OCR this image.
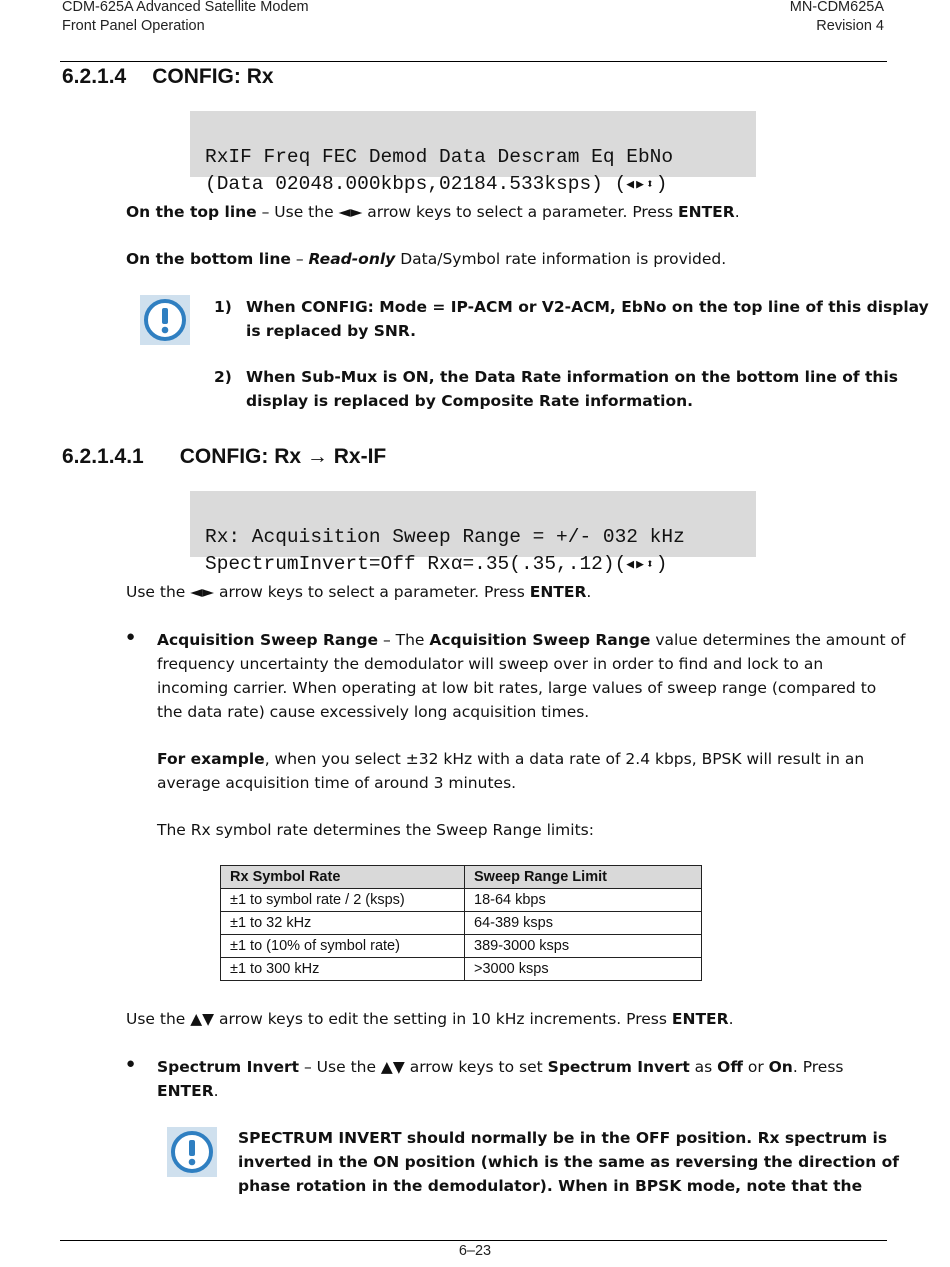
CDM-625A Advanced Satellite Modem
Front Panel Operation
MN-CDM625A
Revision 4
6.2.1.4 CONFIG: Rx

RxIF Freq FEC Demod Data Descram Eq EbNo
(Data 02048.000kbps,02184.533ksps) (◀▶⬍)

On the top line – Use the ◄► arrow keys to select a parameter. Press ENTER.
On the bottom line – Read-only Data/Symbol rate information is provided.
1) When CONFIG: Mode = IP-ACM or V2-ACM, EbNo on the top line of this display
is replaced by SNR.
2) When Sub-Mux is ON, the Data Rate information on the bottom line of this
display is replaced by Composite Rate information.
6.2.1.4.1 CONFIG: Rx → Rx-IF

Rx: Acquisition Sweep Range = +/- 032 kHz
SpectrumInvert=Off Rxα=.35(.35,.12)(◀▶⬍)

Use the ◄► arrow keys to select a parameter. Press ENTER.
● Acquisition Sweep Range – The Acquisition Sweep Range value determines the amount of
frequency uncertainty the demodulator will sweep over in order to find and lock to an
incoming carrier. When operating at low bit rates, large values of sweep range (compared to
the data rate) cause excessively long acquisition times.
For example, when you select ±32 kHz with a data rate of 2.4 kbps, BPSK will result in an
average acquisition time of around 3 minutes.
The Rx symbol rate determines the Sweep Range limits:
Rx Symbol Rate	Sweep Range Limit
±1 to symbol rate / 2 (ksps)	18-64 kbps
±1 to 32 kHz	64-389 ksps
±1 to (10% of symbol rate)	389-3000 ksps
±1 to 300 kHz	>3000 ksps
Use the ▲▼ arrow keys to edit the setting in 10 kHz increments. Press ENTER.
● Spectrum Invert – Use the ▲▼ arrow keys to set Spectrum Invert as Off or On. Press
ENTER.
SPECTRUM INVERT should normally be in the OFF position. Rx spectrum is
inverted in the ON position (which is the same as reversing the direction of
phase rotation in the demodulator). When in BPSK mode, note that the
6–23
